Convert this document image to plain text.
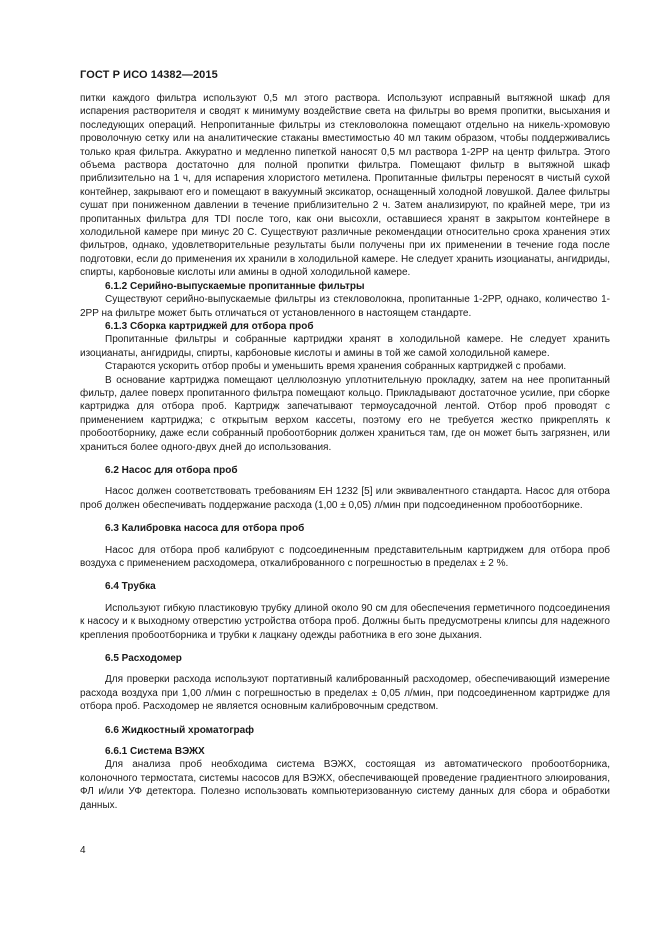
ГОСТ Р ИСО 14382—2015

питки каждого фильтра используют 0,5 мл этого раствора. Используют исправный вытяжной шкаф для испарения растворителя и сводят к минимуму воздействие света на фильтры во время пропитки, высыхания и последующих операций. Непропитанные фильтры из стекловолокна помещают отдельно на никель-хромовую проволочную сетку или на аналитические стаканы вместимостью 40 мл таким образом, чтобы поддерживались только края фильтра. Аккуратно и медленно пипеткой наносят 0,5 мл раствора 1-2PP на центр фильтра. Этого объема раствора достаточно для полной пропитки фильтра. Помещают фильтр в вытяжной шкаф приблизительно на 1 ч, для испарения хлористого метилена. Пропитанные фильтры переносят в чистый сухой контейнер, закрывают его и помещают в вакуумный эксикатор, оснащенный холодной ловушкой. Далее фильтры сушат при пониженном давлении в течение приблизительно 2 ч. Затем анализируют, по крайней мере, три из пропитанных фильтра для TDI после того, как они высохли, оставшиеся хранят в закрытом контейнере в холодильной камере при минус 20 С. Существуют различные рекомендации относительно срока хранения этих фильтров, однако, удовлетворительные результаты были получены при их применении в течение года после подготовки, если до применения их хранили в холодильной камере. Не следует хранить изоцианаты, ангидриды, спирты, карбоновые кислоты или амины в одной холодильной камере.

6.1.2 Серийно-выпускаемые пропитанные фильтры

Существуют серийно-выпускаемые фильтры из стекловолокна, пропитанные 1-2PP, однако, количество 1-2PP на фильтре может быть отличаться от установленного в настоящем стандарте.

6.1.3 Сборка картриджей для отбора проб

Пропитанные фильтры и собранные картриджи хранят в холодильной камере. Не следует хранить изоцианаты, ангидриды, спирты, карбоновые кислоты и амины в той же самой холодильной камере.

Стараются ускорить отбор пробы и уменьшить время хранения собранных картриджей с пробами.

В основание картриджа помещают целлюлозную уплотнительную прокладку, затем на нее пропитанный фильтр, далее поверх пропитанного фильтра помещают кольцо. Прикладывают достаточное усилие, при сборке картриджа для отбора проб. Картридж запечатывают термоусадочной лентой. Отбор проб проводят с применением картриджа; с открытым верхом кассеты, поэтому его не требуется жестко прикреплять к пробоотборнику, даже если собранный пробоотборник должен храниться там, где он может быть загрязнен, или храниться более одного-двух дней до использования.

6.2 Насос для отбора проб

Насос должен соответствовать требованиям ЕН 1232 [5] или эквивалентного стандарта. Насос для отбора проб должен обеспечивать поддержание расхода (1,00 ± 0,05) л/мин при подсоединенном пробоотборнике.

6.3 Калибровка насоса для отбора проб

Насос для отбора проб калибруют с подсоединенным представительным картриджем для отбора проб воздуха с применением расходомера, откалиброванного с погрешностью в пределах ± 2 %.

6.4 Трубка

Используют гибкую пластиковую трубку длиной около 90 см для обеспечения герметичного подсоединения к насосу и к выходному отверстию устройства отбора проб. Должны быть предусмотрены клипсы для надежного крепления пробоотборника и трубки к лацкану одежды работника в его зоне дыхания.

6.5 Расходомер

Для проверки расхода используют портативный калиброванный расходомер, обеспечивающий измерение расхода воздуха при 1,00 л/мин с погрешностью в пределах ± 0,05 л/мин, при подсоединенном картридже для отбора проб. Расходомер не является основным калибровочным средством.

6.6 Жидкостный хроматограф

6.6.1 Система ВЭЖХ

Для анализа проб необходима система ВЭЖХ, состоящая из автоматического пробоотборника, колоночного термостата, системы насосов для ВЭЖХ, обеспечивающей проведение градиентного элюирования, ФЛ и/или УФ детектора. Полезно использовать компьютеризованную систему данных для сбора и обработки данных.

4
